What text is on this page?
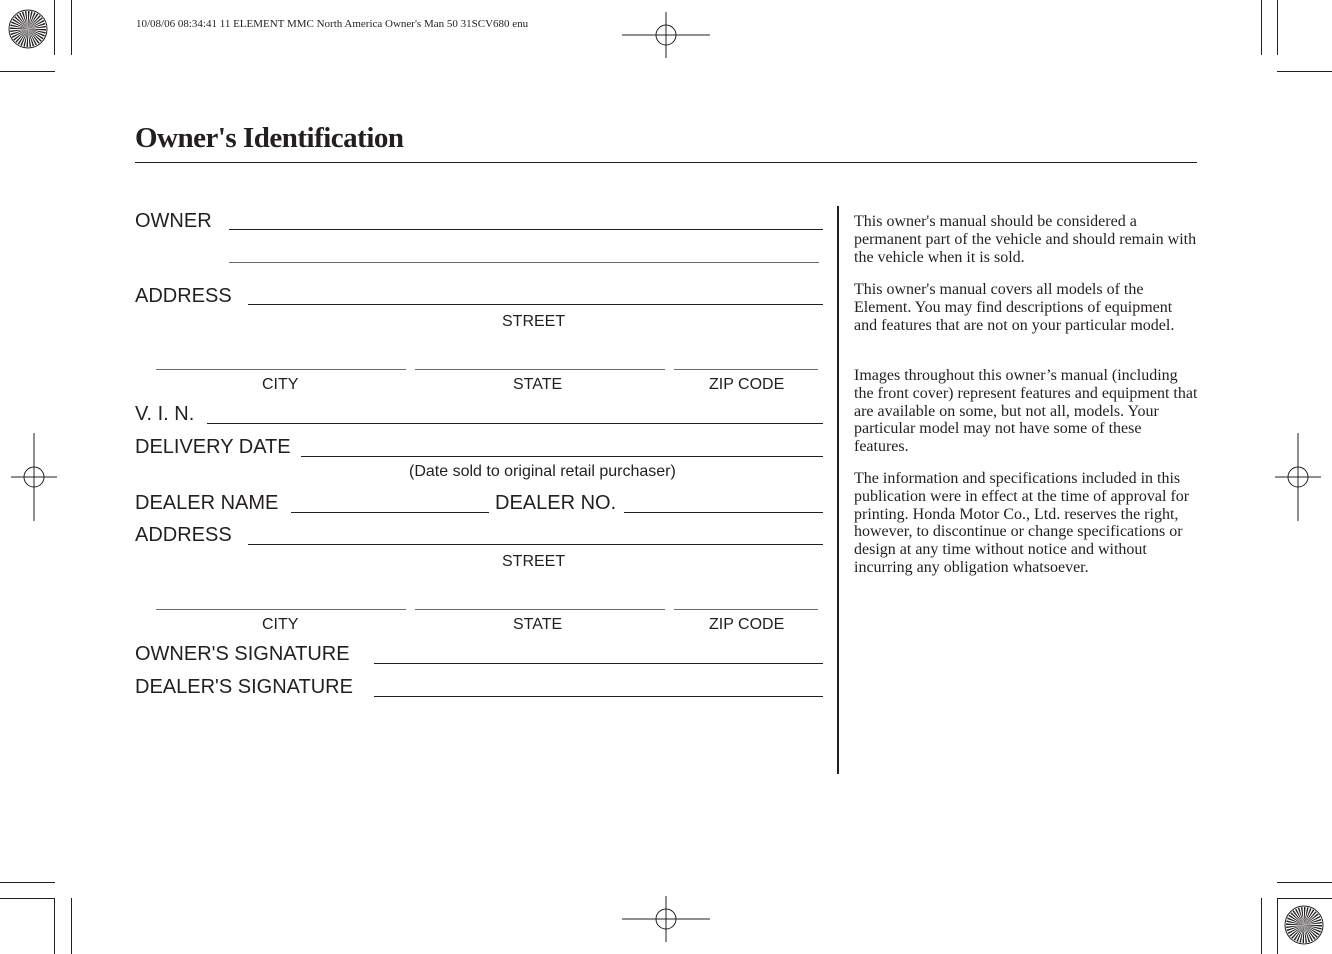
10/08/06 08:34:41 11 ELEMENT MMC North America Owner's Man 50 31SCV680 enu
Owner's Identification
OWNER
ADDRESS
STREET
CITY	STATE	ZIP CODE
V. I. N.
DELIVERY DATE
(Date sold to original retail purchaser)
DEALER NAME	DEALER NO.
ADDRESS
STREET
CITY	STATE	ZIP CODE
OWNER'S SIGNATURE
DEALER'S SIGNATURE

This owner's manual should be considered a permanent part of the vehicle and should remain with the vehicle when it is sold.

This owner's manual covers all models of the Element. You may find descriptions of equipment and features that are not on your particular model.

Images throughout this owner’s manual (including the front cover) represent features and equipment that are available on some, but not all, models. Your particular model may not have some of these features.

The information and specifications included in this publication were in effect at the time of approval for printing. Honda Motor Co., Ltd. reserves the right, however, to discontinue or change specifications or design at any time without notice and without incurring any obligation whatsoever.
